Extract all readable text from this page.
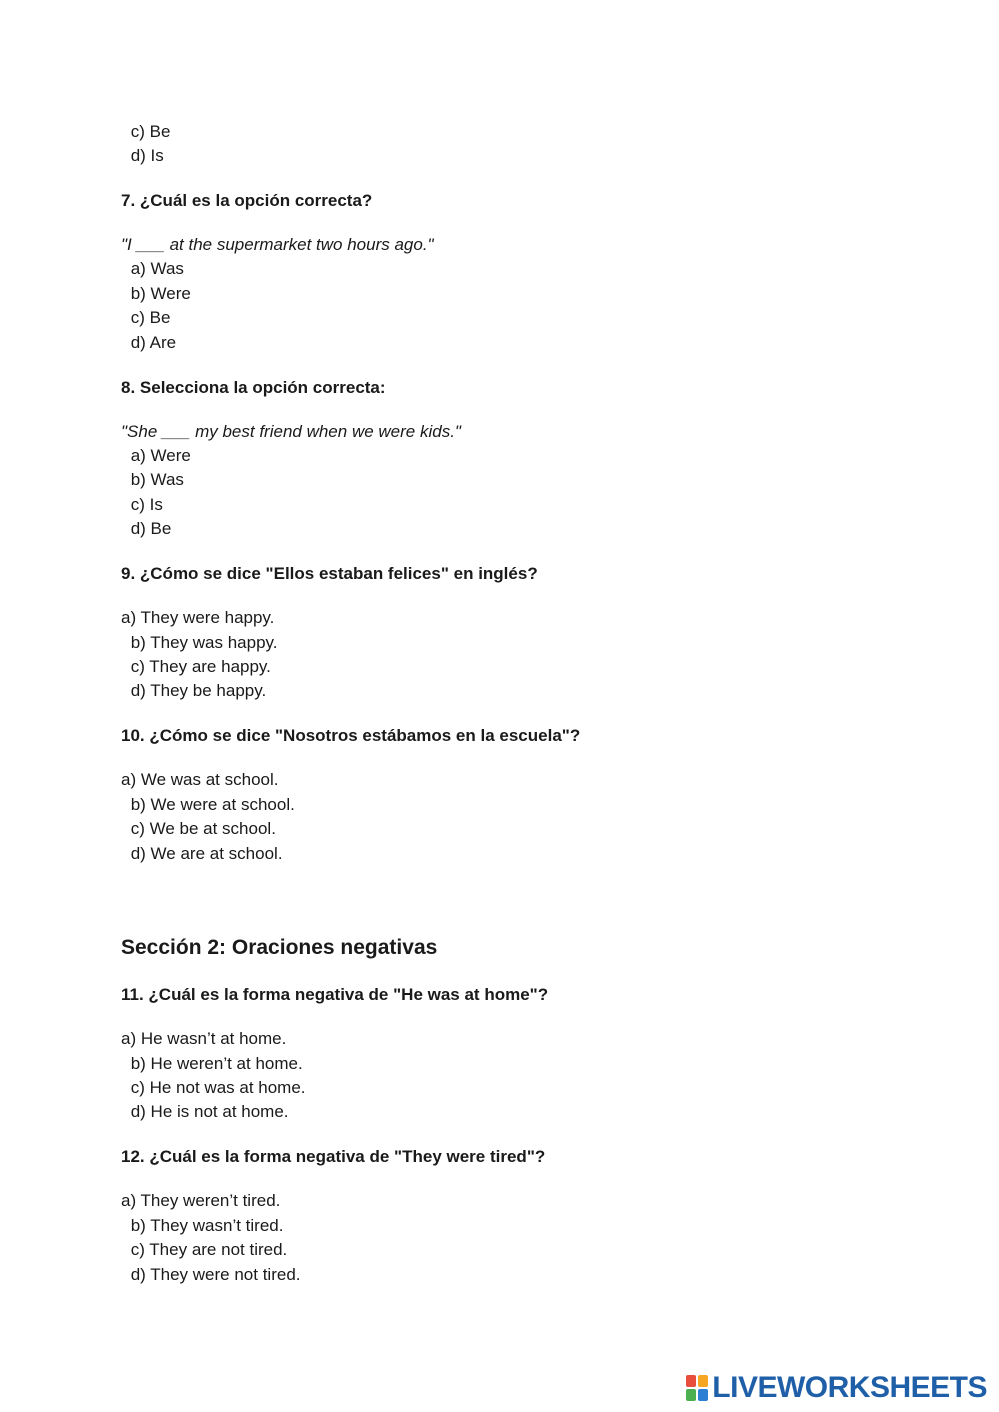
c) Be
d) Is
7. ¿Cuál es la opción correcta?
"I ___ at the supermarket two hours ago."
a) Was
b) Were
c) Be
d) Are
8. Selecciona la opción correcta:
"She ___ my best friend when we were kids."
a) Were
b) Was
c) Is
d) Be
9. ¿Cómo se dice "Ellos estaban felices" en inglés?
a) They were happy.
b) They was happy.
c) They are happy.
d) They be happy.
10. ¿Cómo se dice "Nosotros estábamos en la escuela"?
a) We was at school.
b) We were at school.
c) We be at school.
d) We are at school.
Sección 2: Oraciones negativas
11. ¿Cuál es la forma negativa de "He was at home"?
a) He wasn’t at home.
b) He weren’t at home.
c) He not was at home.
d) He is not at home.
12. ¿Cuál es la forma negativa de "They were tired"?
a) They weren’t tired.
b) They wasn’t tired.
c) They are not tired.
d) They were not tired.
LIVEWORKSHEETS
